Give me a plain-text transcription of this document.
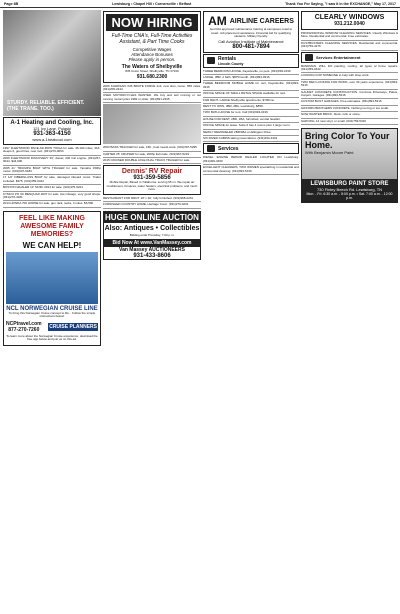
Page 8B	Lewisburg • Chapel Hill • Cornersville • Belfast	Thank You For Saying, "I saw it in the EXCHANGE," May 17, 2017
STURDY. RELIABLE. EFFICIENT. (THE TRANE. TOO.)
A-1 Heating and Cooling, Inc.
121 Ivy Lane, Pulaski
931-363-4150
www.a-1heatcool.com
1997 FLEETWOOD PACE AR-ROW TIOGA for sale. 46,100 miles, 31ft., sleeps 6, good tires, new roof. (931)270-0054
2006 FLEETWOOD DISCOVERY 39', diesel, 330 Cat engine. (931)267-0044. $44,900
2005 21' TRIUMPH BOAT WITH TRAILER for sale. Yamaha 150hp motor. (931)607-9183
17 1/2' FIBERGLASS BOAT for sale, damaged inboard motor. Trailer included. $375. (931)359-0442
BOSTON WHALER 13' SKIFF 2014 for sale. (931)375-6224
KYMCO PO 6C BENQUAD 2007 for sale, low mileage, very good shape. (931)270-4181
2014 HONDA 700 HORSE for sale, gun rack, racks, 4 miles. $6,500
FEEL LIKE MAKING AWESOME FAMILY MEMORIES?
WE CAN HELP!
NCL NORWEGIAN CRUISE LINE
To bring this Norwegian Cruise concept to life... Follow the simple instructions below!
NCPtravel.com
877-270-7260	CRUISE PLANNERS
To learn more about the Norwegian Cruise experience, download the free app below and join us on this ad.
NOW HIRING
Full-Time CNA's, Full-Time Activities Assistant, & Part Time Cooks
Competitive Wages
Attendance Bonuses
Please apply in person.
The Waters of Shelbyville
835 Union Street, Shelbyville, TN 37160
931.680.2300
2006 KAWASAKI 636 BRUTE FORCE 4x4, new tires, camo, 650 miles. (931)205-2444
USED MOTORCYCLES WANTED. We buy and sell running or not running motorcycles 1982 or older. (931)691-2305
2003 BASS TRACKER for sale, 16ft., boat needs work. (931)397-5295
CARTER 25' CRUISER for sale, 200hp Evinrude. (931)967-5219
2015 CRUISER DOUBLE AXLE DUAL TRACK TRAILER for sale.
Dennis' RV Repair
931-359-5856
Mobile Repair, Based in Tullahoma, serving 65 mi. We repair air conditioners, furnaces, water heaters, electrical problems, and much more.
RESTAURANT FOR RENT. 18' x 40', fully furnished. (931)968-2201
FURNISHED COUNTRY HOME, Heritage Court. (931)270-0201
HUGE ONLINE AUCTION
Also: Antiques • Collectibles
Bidding ends Thursday, 7:00 p.m.
Bid Now At www.VanMassey.com
Van Massey AUCTIONEERS
931-433-8606
AM AIRLINE CAREERS
Get FAA approved maintenance training at campuses coast to coast. Job placement assistance. Financial Aid for qualifying students. Military friendly.
Call Aviation Institute of Maintenance
800-481-7894
Rentals
Lincoln County
THREE BEDROOM HOUSE, Fayetteville, no pets. (931)993-0316
LARGE, 3BR, 2 bath. $875/month. (931)993-0316
THREE BEDROOM MOBILE HOME for rent, Fayetteville. (931)993-0316
OFFICE SPACE OF SMALL RETAIL SPACE available for rent.
FOR RENT, LARGE Shelbyville apartments, $700/mo.
RENT TO OWN, 3BR, 2BA, Lewisburg, $850.
TWO BATH HOUSE for rent. Call (931)993-0316
HOUSE FOR RENT, 2BD, 1BA, furnished, central heat/air.
OFFICE SPACE for lease. Suite 6 has 4 rooms plus 1 large room.
NEWLY REMODELED 2BR/1BA on Ellington Drive.
SIX RIVER CABINS taking reservations. (931)294-4344
Services
DIESEL ENGINE REPAIR DEALER LOCATED ON Lewisburg. (931)300-3400
EXCELLENT CLEANERS, TWO WOMEN specializing in residential and commercial cleaning. (931)993-5316
CLEARLY WINDOWS
931.212.0040
PROFESSIONAL WINDOW CLEANING SERVICES. Clearly Windows & More. Residential and commercial. Free estimates.
DUSTBUSTERS CLEANING SERVICES. Residential and commercial. (931)759-4276
Services Entertainment
BANDMAN. WILL DO painting, roofing, all types of home repairs. (931)359-0442
LOOKING FOR SOMEONE to help with shop work.
TWO MEN LOOKING FOR WORK, over 30 years experience. (931)993-5316
GAUDET CONCRETE CONSTRUCTION. Concrete Driveways, Patios, Carport, Garages. (931)993-5316
CUSTOM BUILT GARAGES. Free estimates. (931)993-5316
GIFFORD BROTHERS CONCRETE. Nothing too big or too small.
NOW WANTED BRICK, block, rock or stone.
SAW MILL 14 new vinyl, or small. (931)759-5316
Bring Color To Your Home.
With Benjamin Moore Paint
LEWISBURG PAINT STORE
730 Finley Beech Rd. Lewisburg, TN
Mon. - Fri. 6:30 a.m. - 5:00 p.m. • Sat. 7:00 a.m. - 12:00 p.m.
